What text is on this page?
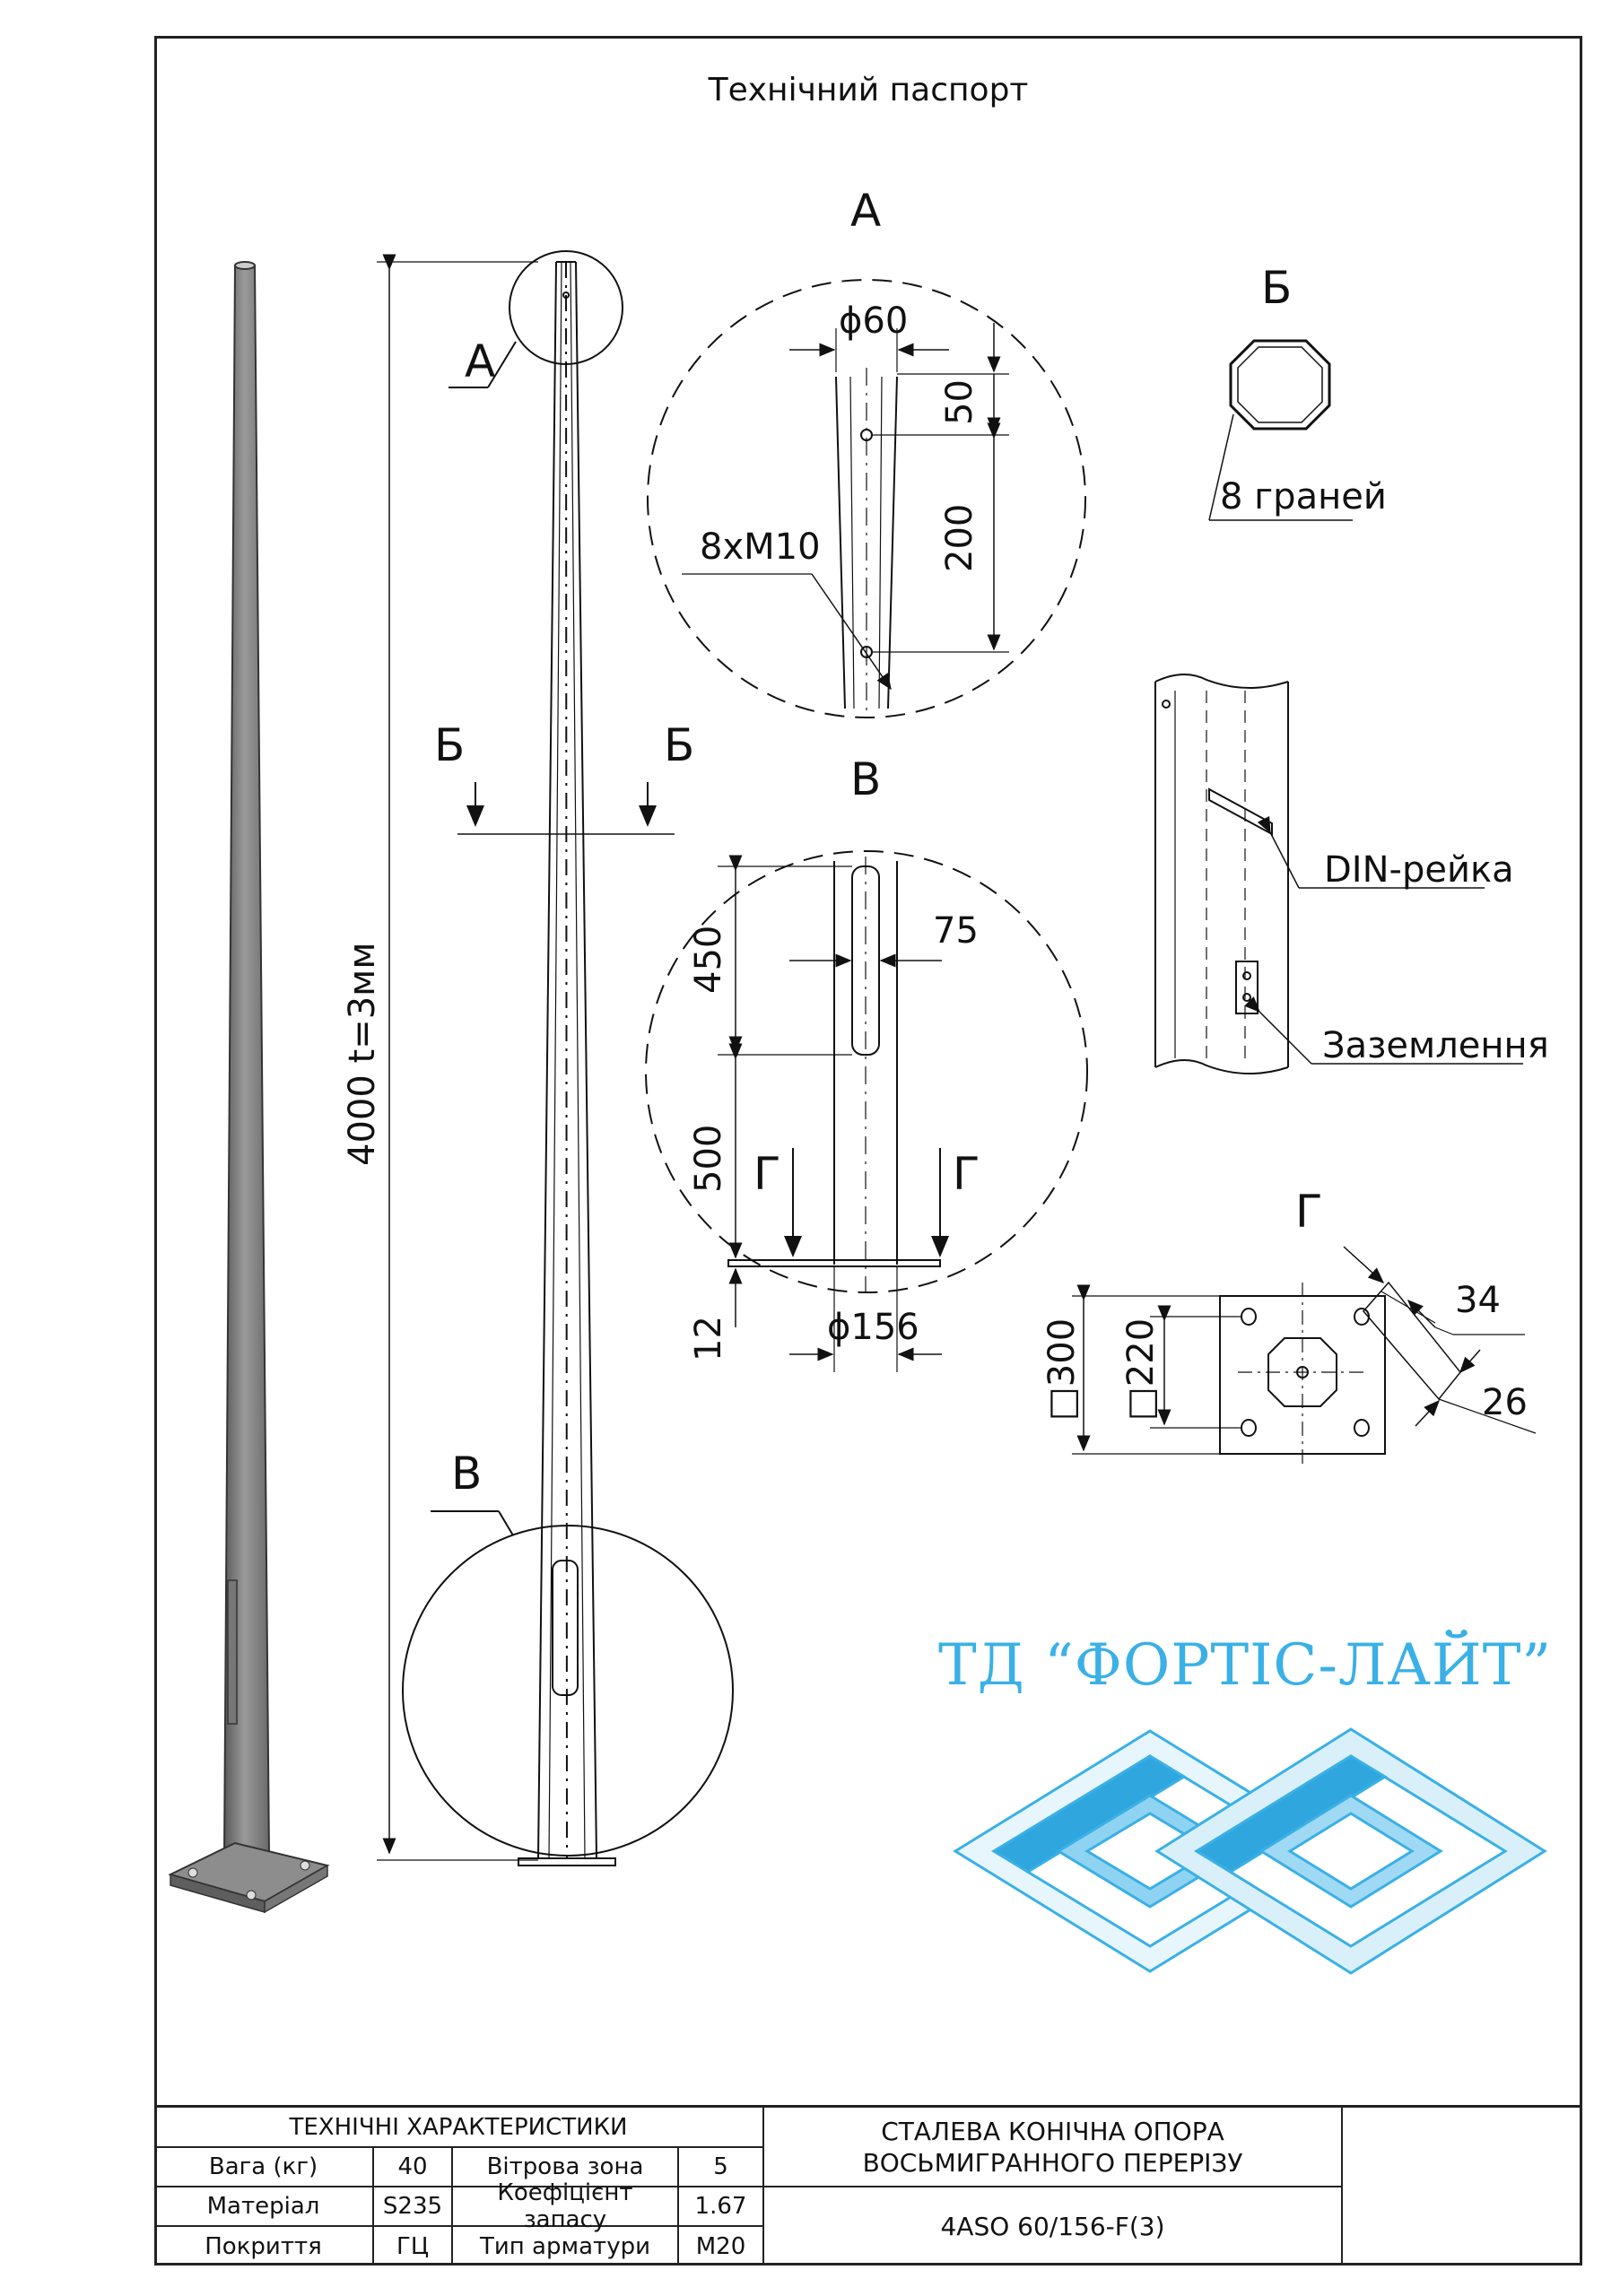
Технічний паспорт
А
Б
В
Г
А
В
Б	Б
ϕ60
50
200
8xM10
8 граней
450	75
500
12	ϕ156
Г	Г
DIN-рейка
Заземлення
□300 □220
34
26
4000 t=3мм
ТД “ФОРТІС-ЛАЙТ”
ТЕХНІЧНІ ХАРАКТЕРИСТИКИ
Вага (кг)	40	Вітрова зона	5
Матеріал	S235	Коефіцієнт запасу	1.67
Покриття	ГЦ	Тип арматури	M20
СТАЛЕВА КОНІЧНА ОПОРА
ВОСЬМИГРАННОГО ПЕРЕРІЗУ
4ASO 60/156-F(3)
